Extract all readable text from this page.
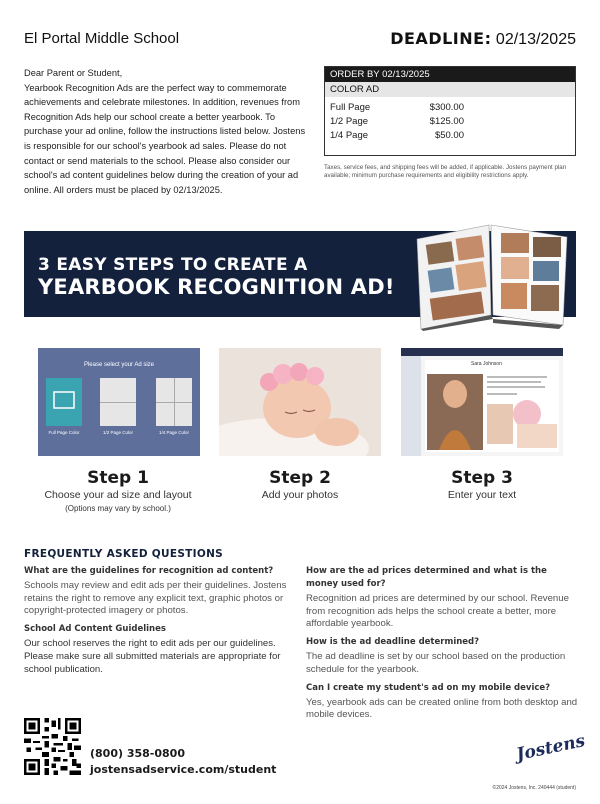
El Portal Middle School	DEADLINE: 02/13/2025
Dear Parent or Student,
Yearbook Recognition Ads are the perfect way to commemorate achievements and celebrate milestones. In addition, revenues from Recognition Ads help our school create a better yearbook. To purchase your ad online, follow the instructions listed below. Jostens is responsible for our school's yearbook ad sales. Please do not contact or send materials to the school. Please also consider our school's ad content guidelines below during the creation of your ad online. All orders must be placed by 02/13/2025.
ORDER BY 02/13/2025
COLOR AD
Full Page	$300.00
1/2 Page	$125.00
1/4 Page	$50.00
Taxes, service fees, and shipping fees will be added, if applicable. Jostens payment plan available; minimum purchase requirements and eligibility restrictions apply.
3 EASY STEPS TO CREATE A
YEARBOOK RECOGNITION AD!
Please select your Ad size
Full Page Color	1/2 Page Color	1/4 Page Color
Sara Johnson
Step 1
Choose your ad size and layout
(Options may vary by school.)
Step 2
Add your photos
Step 3
Enter your text
FREQUENTLY ASKED QUESTIONS
What are the guidelines for recognition ad content?
Schools may review and edit ads per their guidelines. Jostens retains the right to remove any explicit text, graphic photos or copyright-protected imagery or photos.
School Ad Content Guidelines
Our school reserves the right to edit ads per our guidelines. Please make sure all submitted materials are appropriate for school publication.
How are the ad prices determined and what is the money used for?
Recognition ad prices are determined by our school. Revenue from recognition ads helps the school create a better, more affordable yearbook.
How is the ad deadline determined?
The ad deadline is set by our school based on the production schedule for the yearbook.
Can I create my student's ad on my mobile device?
Yes, yearbook ads can be created online from both desktop and mobile devices.
(800) 358-0800
jostensadservice.com/student
Jostens
©2024 Jostens, Inc. 240444 (student)
